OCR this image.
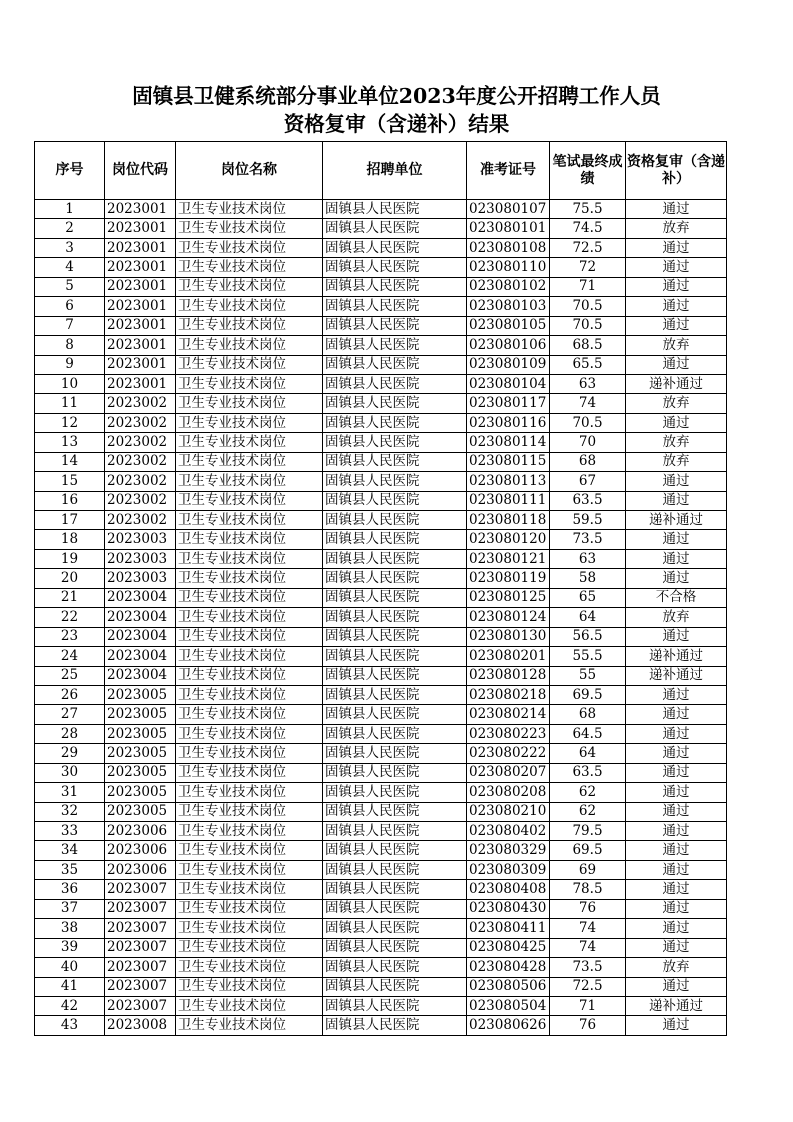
固镇县卫健系统部分事业单位2023年度公开招聘工作人员
资格复审（含递补）结果
序号	岗位代码	岗位名称	招聘单位	准考证号	笔试最终成绩	资格复审（含递补）
1	2023001	卫生专业技术岗位	固镇县人民医院	023080107	75.5	通过
2	2023001	卫生专业技术岗位	固镇县人民医院	023080101	74.5	放弃
3	2023001	卫生专业技术岗位	固镇县人民医院	023080108	72.5	通过
4	2023001	卫生专业技术岗位	固镇县人民医院	023080110	72	通过
5	2023001	卫生专业技术岗位	固镇县人民医院	023080102	71	通过
6	2023001	卫生专业技术岗位	固镇县人民医院	023080103	70.5	通过
7	2023001	卫生专业技术岗位	固镇县人民医院	023080105	70.5	通过
8	2023001	卫生专业技术岗位	固镇县人民医院	023080106	68.5	放弃
9	2023001	卫生专业技术岗位	固镇县人民医院	023080109	65.5	通过
10	2023001	卫生专业技术岗位	固镇县人民医院	023080104	63	递补通过
11	2023002	卫生专业技术岗位	固镇县人民医院	023080117	74	放弃
12	2023002	卫生专业技术岗位	固镇县人民医院	023080116	70.5	通过
13	2023002	卫生专业技术岗位	固镇县人民医院	023080114	70	放弃
14	2023002	卫生专业技术岗位	固镇县人民医院	023080115	68	放弃
15	2023002	卫生专业技术岗位	固镇县人民医院	023080113	67	通过
16	2023002	卫生专业技术岗位	固镇县人民医院	023080111	63.5	通过
17	2023002	卫生专业技术岗位	固镇县人民医院	023080118	59.5	递补通过
18	2023003	卫生专业技术岗位	固镇县人民医院	023080120	73.5	通过
19	2023003	卫生专业技术岗位	固镇县人民医院	023080121	63	通过
20	2023003	卫生专业技术岗位	固镇县人民医院	023080119	58	通过
21	2023004	卫生专业技术岗位	固镇县人民医院	023080125	65	不合格
22	2023004	卫生专业技术岗位	固镇县人民医院	023080124	64	放弃
23	2023004	卫生专业技术岗位	固镇县人民医院	023080130	56.5	通过
24	2023004	卫生专业技术岗位	固镇县人民医院	023080201	55.5	递补通过
25	2023004	卫生专业技术岗位	固镇县人民医院	023080128	55	递补通过
26	2023005	卫生专业技术岗位	固镇县人民医院	023080218	69.5	通过
27	2023005	卫生专业技术岗位	固镇县人民医院	023080214	68	通过
28	2023005	卫生专业技术岗位	固镇县人民医院	023080223	64.5	通过
29	2023005	卫生专业技术岗位	固镇县人民医院	023080222	64	通过
30	2023005	卫生专业技术岗位	固镇县人民医院	023080207	63.5	通过
31	2023005	卫生专业技术岗位	固镇县人民医院	023080208	62	通过
32	2023005	卫生专业技术岗位	固镇县人民医院	023080210	62	通过
33	2023006	卫生专业技术岗位	固镇县人民医院	023080402	79.5	通过
34	2023006	卫生专业技术岗位	固镇县人民医院	023080329	69.5	通过
35	2023006	卫生专业技术岗位	固镇县人民医院	023080309	69	通过
36	2023007	卫生专业技术岗位	固镇县人民医院	023080408	78.5	通过
37	2023007	卫生专业技术岗位	固镇县人民医院	023080430	76	通过
38	2023007	卫生专业技术岗位	固镇县人民医院	023080411	74	通过
39	2023007	卫生专业技术岗位	固镇县人民医院	023080425	74	通过
40	2023007	卫生专业技术岗位	固镇县人民医院	023080428	73.5	放弃
41	2023007	卫生专业技术岗位	固镇县人民医院	023080506	72.5	通过
42	2023007	卫生专业技术岗位	固镇县人民医院	023080504	71	递补通过
43	2023008	卫生专业技术岗位	固镇县人民医院	023080626	76	通过
